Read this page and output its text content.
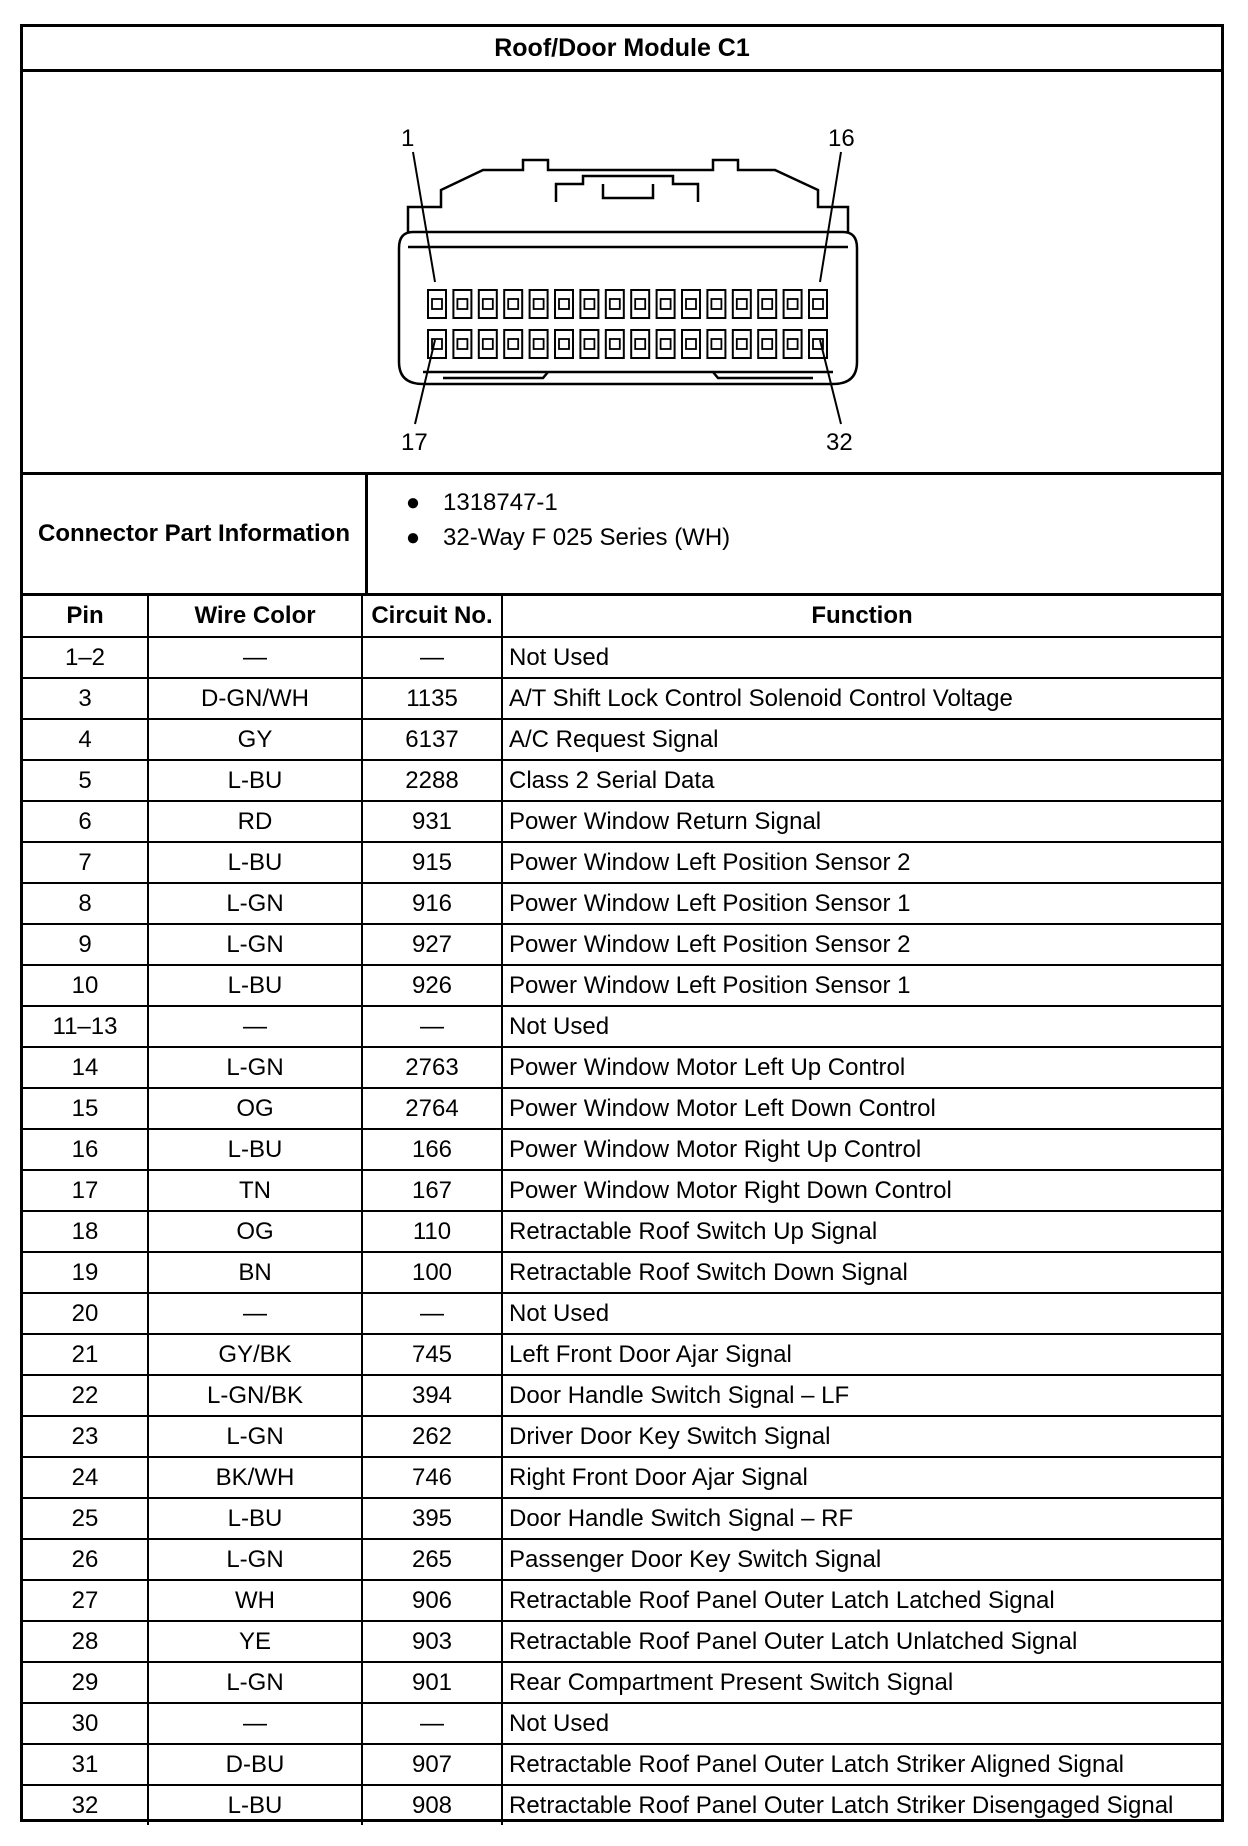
Roof/Door Module C1
1	16
17	32
Connector Part Information
● 1318747-1
● 32-Way F 025 Series (WH)
Pin	Wire Color	Circuit No.	Function
1–2	—	—	Not Used
3	D-GN/WH	1135	A/T Shift Lock Control Solenoid Control Voltage
4	GY	6137	A/C Request Signal
5	L-BU	2288	Class 2 Serial Data
6	RD	931	Power Window Return Signal
7	L-BU	915	Power Window Left Position Sensor 2
8	L-GN	916	Power Window Left Position Sensor 1
9	L-GN	927	Power Window Left Position Sensor 2
10	L-BU	926	Power Window Left Position Sensor 1
11–13	—	—	Not Used
14	L-GN	2763	Power Window Motor Left Up Control
15	OG	2764	Power Window Motor Left Down Control
16	L-BU	166	Power Window Motor Right Up Control
17	TN	167	Power Window Motor Right Down Control
18	OG	110	Retractable Roof Switch Up Signal
19	BN	100	Retractable Roof Switch Down Signal
20	—	—	Not Used
21	GY/BK	745	Left Front Door Ajar Signal
22	L-GN/BK	394	Door Handle Switch Signal – LF
23	L-GN	262	Driver Door Key Switch Signal
24	BK/WH	746	Right Front Door Ajar Signal
25	L-BU	395	Door Handle Switch Signal – RF
26	L-GN	265	Passenger Door Key Switch Signal
27	WH	906	Retractable Roof Panel Outer Latch Latched Signal
28	YE	903	Retractable Roof Panel Outer Latch Unlatched Signal
29	L-GN	901	Rear Compartment Present Switch Signal
30	—	—	Not Used
31	D-BU	907	Retractable Roof Panel Outer Latch Striker Aligned Signal
32	L-BU	908	Retractable Roof Panel Outer Latch Striker Disengaged Signal
